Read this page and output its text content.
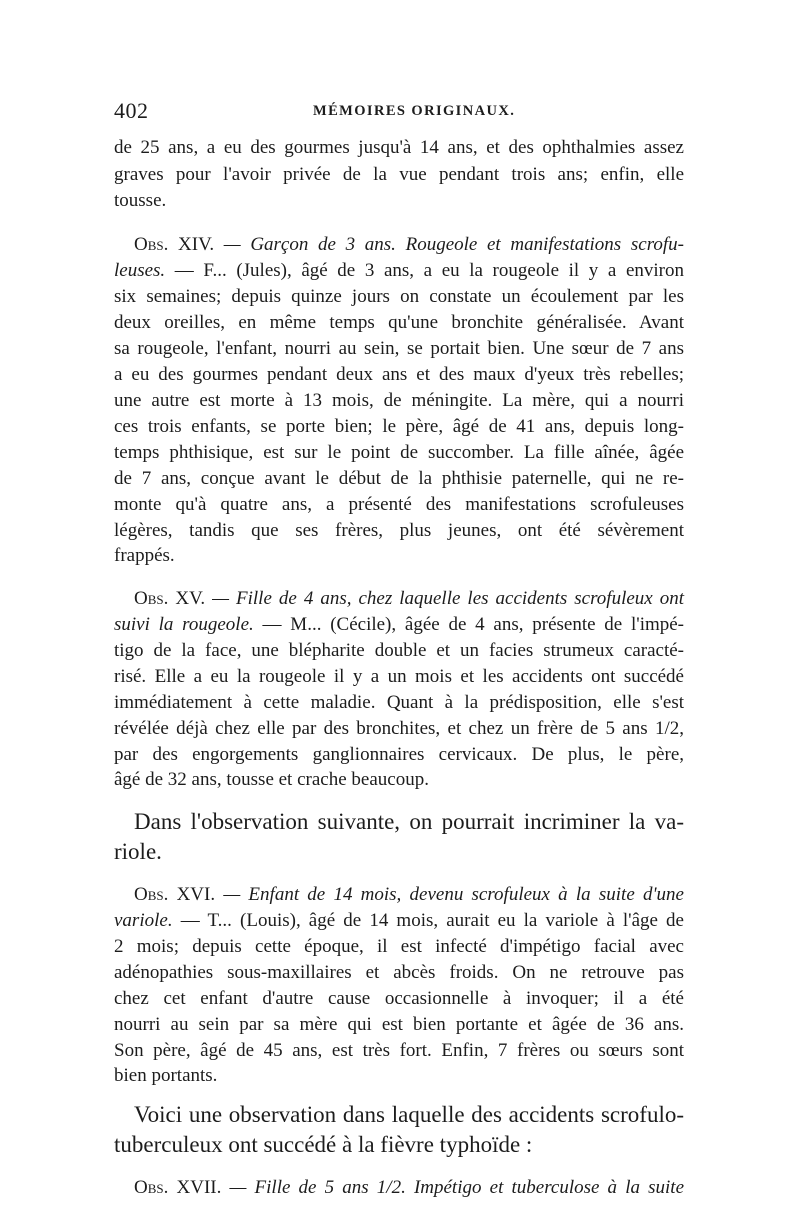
402	MÉMOIRES ORIGINAUX.
de 25 ans, a eu des gourmes jusqu'à 14 ans, et des ophthalmies assez
graves pour l'avoir privée de la vue pendant trois ans; enfin, elle
tousse.
Obs. XIV. — Garçon de 3 ans. Rougeole et manifestations scrofu-
leuses. — F... (Jules), âgé de 3 ans, a eu la rougeole il y a environ
six semaines; depuis quinze jours on constate un écoulement par les
deux oreilles, en même temps qu'une bronchite généralisée. Avant
sa rougeole, l'enfant, nourri au sein, se portait bien. Une sœur de 7 ans
a eu des gourmes pendant deux ans et des maux d'yeux très rebelles;
une autre est morte à 13 mois, de méningite. La mère, qui a nourri
ces trois enfants, se porte bien; le père, âgé de 41 ans, depuis long-
temps phthisique, est sur le point de succomber. La fille aînée, âgée
de 7 ans, conçue avant le début de la phthisie paternelle, qui ne re-
monte qu'à quatre ans, a présenté des manifestations scrofuleuses
légères, tandis que ses frères, plus jeunes, ont été sévèrement
frappés.
Obs. XV. — Fille de 4 ans, chez laquelle les accidents scrofuleux ont
suivi la rougeole. — M... (Cécile), âgée de 4 ans, présente de l'impé-
tigo de la face, une blépharite double et un facies strumeux caracté-
risé. Elle a eu la rougeole il y a un mois et les accidents ont succédé
immédiatement à cette maladie. Quant à la prédisposition, elle s'est
révélée déjà chez elle par des bronchites, et chez un frère de 5 ans 1/2,
par des engorgements ganglionnaires cervicaux. De plus, le père,
âgé de 32 ans, tousse et crache beaucoup.
Dans l'observation suivante, on pourrait incriminer la va-
riole.
Obs. XVI. — Enfant de 14 mois, devenu scrofuleux à la suite d'une
variole. — T... (Louis), âgé de 14 mois, aurait eu la variole à l'âge de
2 mois; depuis cette époque, il est infecté d'impétigo facial avec
adénopathies sous-maxillaires et abcès froids. On ne retrouve pas
chez cet enfant d'autre cause occasionnelle à invoquer; il a été
nourri au sein par sa mère qui est bien portante et âgée de 36 ans.
Son père, âgé de 45 ans, est très fort. Enfin, 7 frères ou sœurs sont
bien portants.
Voici une observation dans laquelle des accidents scrofulo-
tuberculeux ont succédé à la fièvre typhoïde :
Obs. XVII. — Fille de 5 ans 1/2. Impétigo et tuberculose à la suite
